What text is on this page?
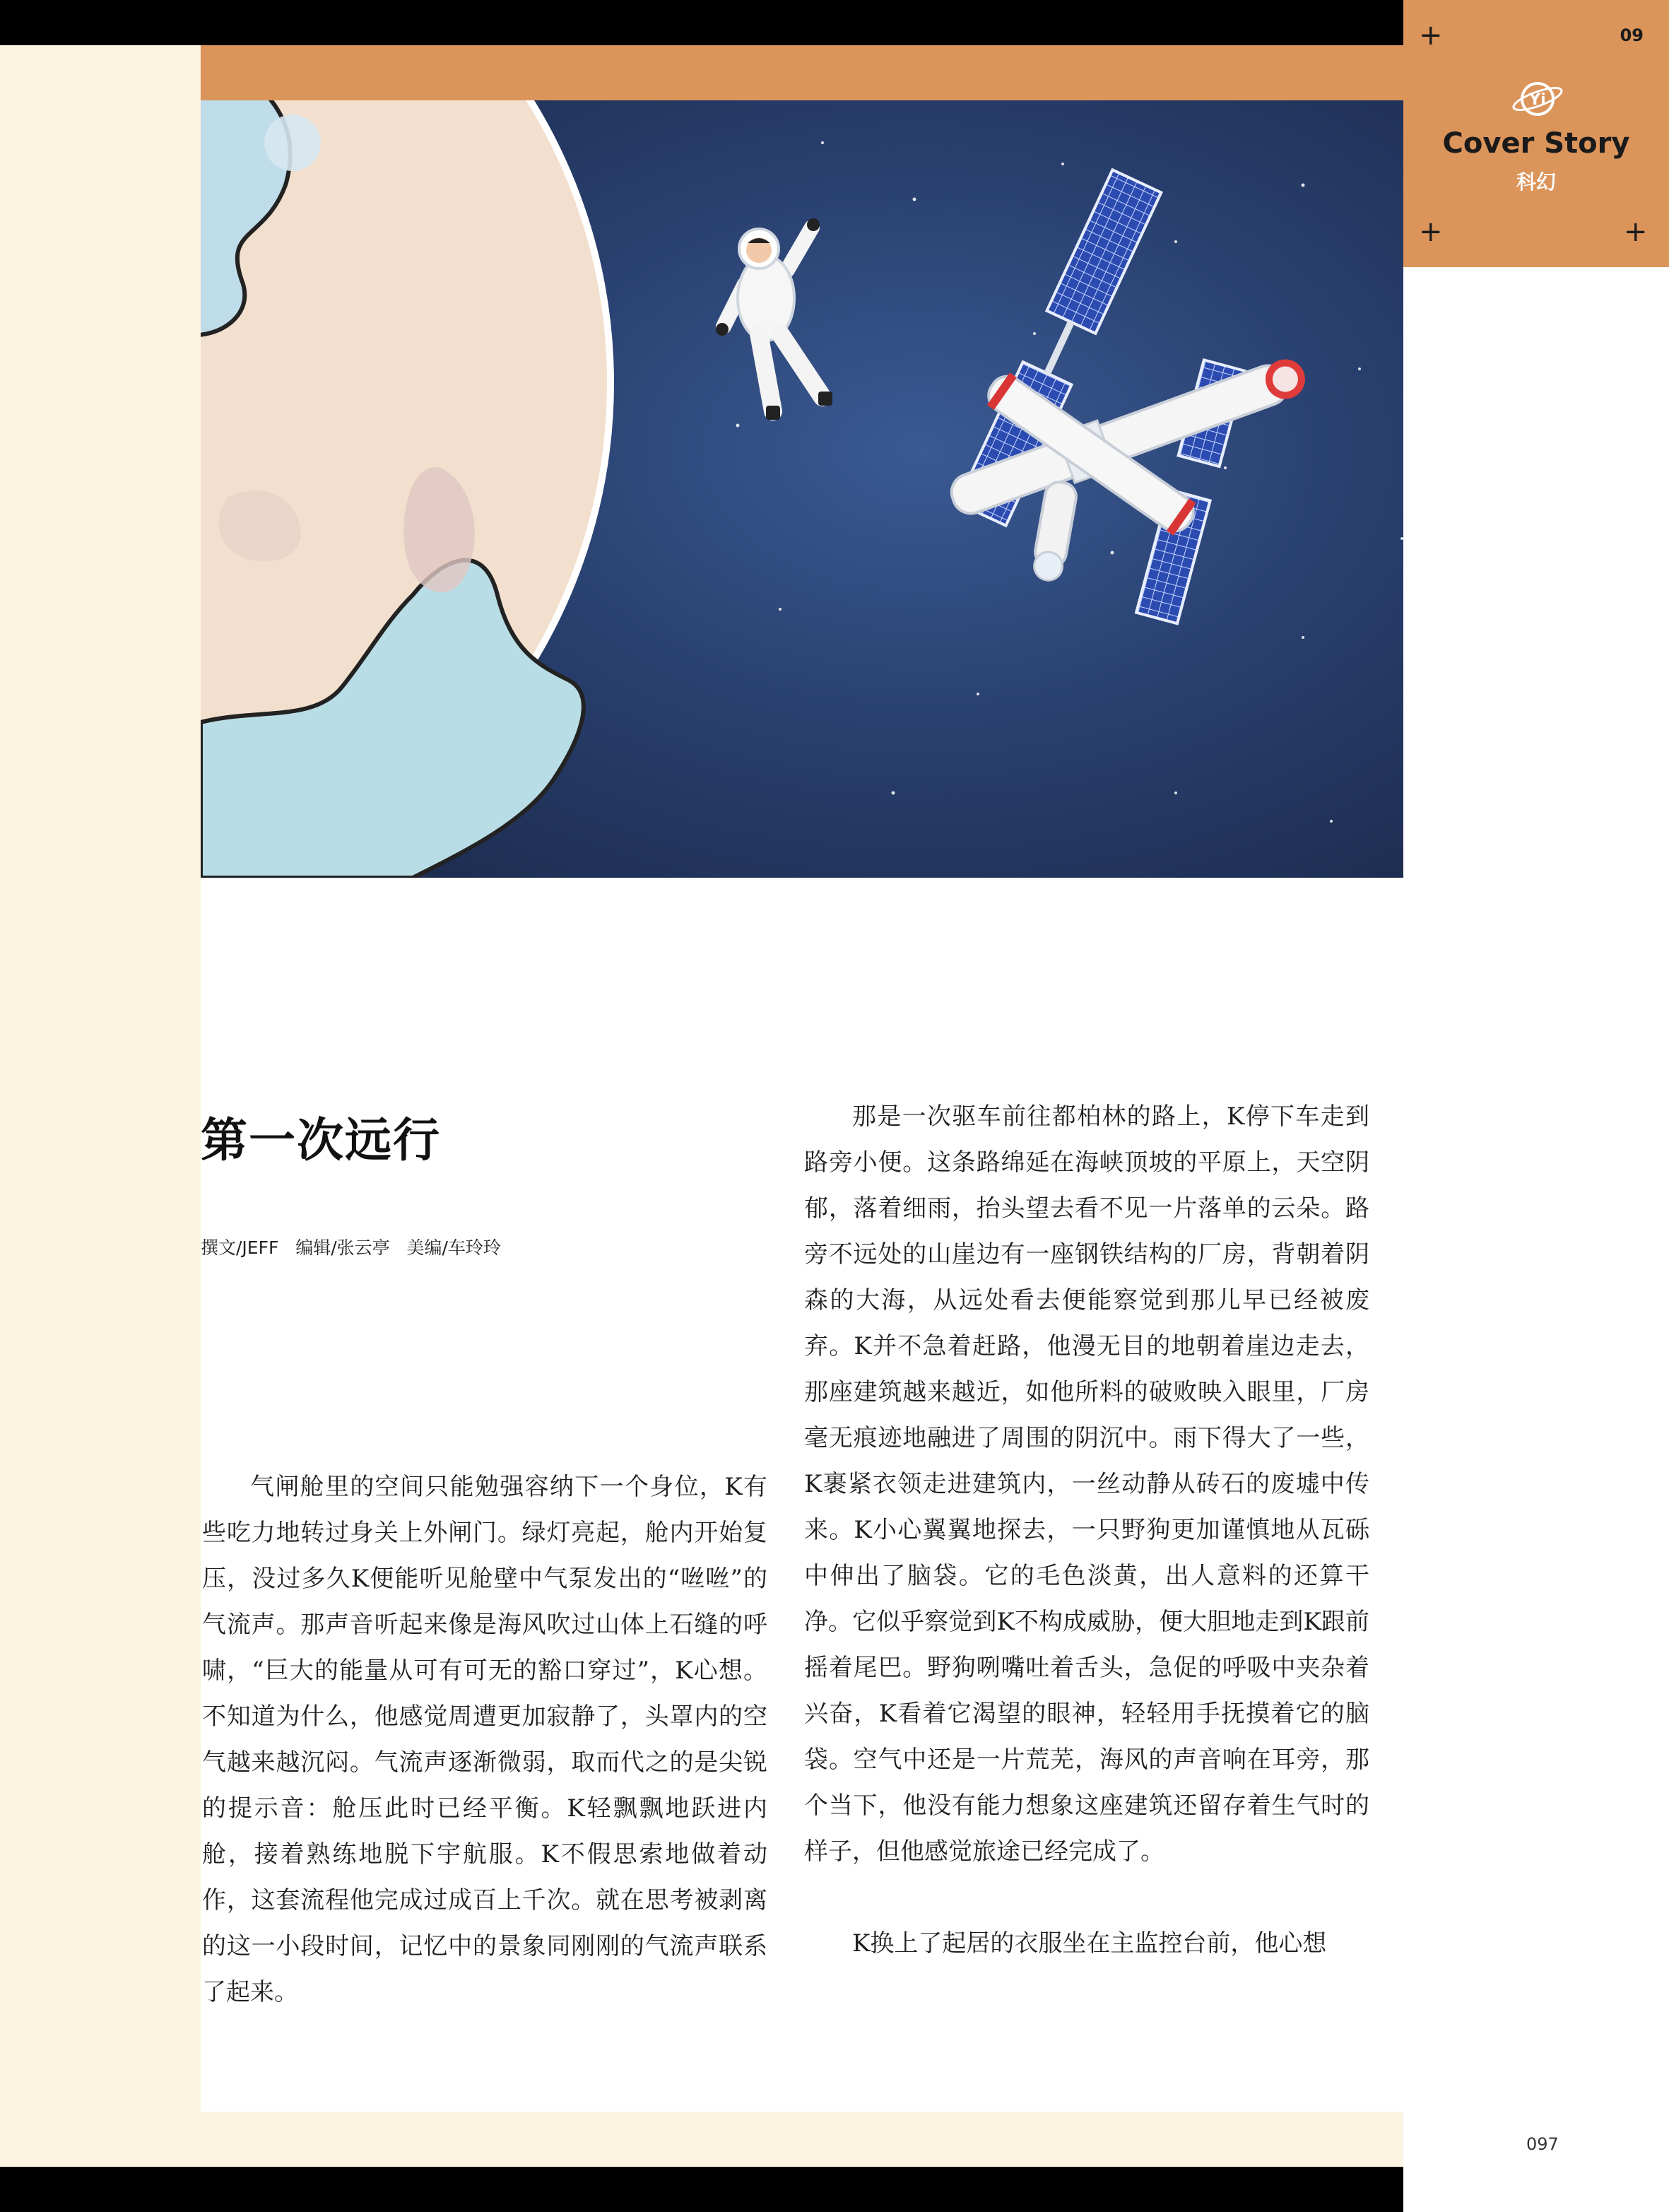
+
+	+
09
Yi
Cover Story
科幻
第一次远行
撰文/JEFF   编辑/张云亭   美编/车玲玲

气闸舱里的空间只能勉强容纳下一个身位，K有些吃力地转过身关上外闸门。绿灯亮起，舱内开始复压，没过多久K便能听见舱壁中气泵发出的“咝咝”的气流声。那声音听起来像是海风吹过山体上石缝的呼啸，“巨大的能量从可有可无的豁口穿过”，K心想。不知道为什么，他感觉周遭更加寂静了，头罩内的空气越来越沉闷。气流声逐渐微弱，取而代之的是尖锐的提示音：舱压此时已经平衡。K轻飘飘地跃进内舱，接着熟练地脱下宇航服。K不假思索地做着动作，这套流程他完成过成百上千次。就在思考被剥离的这一小段时间，记忆中的景象同刚刚的气流声联系了起来。

那是一次驱车前往都柏林的路上，K停下车走到路旁小便。这条路绵延在海峡顶坡的平原上，天空阴郁，落着细雨，抬头望去看不见一片落单的云朵。路旁不远处的山崖边有一座钢铁结构的厂房，背朝着阴森的大海，从远处看去便能察觉到那儿早已经被废弃。K并不急着赶路，他漫无目的地朝着崖边走去，那座建筑越来越近，如他所料的破败映入眼里，厂房毫无痕迹地融进了周围的阴沉中。雨下得大了一些，K裹紧衣领走进建筑内，一丝动静从砖石的废墟中传来。K小心翼翼地探去，一只野狗更加谨慎地从瓦砾中伸出了脑袋。它的毛色淡黄，出人意料的还算干净。它似乎察觉到K不构成威胁，便大胆地走到K跟前摇着尾巴。野狗咧嘴吐着舌头，急促的呼吸中夹杂着兴奋，K看着它渴望的眼神，轻轻用手抚摸着它的脑袋。空气中还是一片荒芜，海风的声音响在耳旁，那个当下，他没有能力想象这座建筑还留存着生气时的样子，但他感觉旅途已经完成了。

K换上了起居的衣服坐在主监控台前，他心想

097
